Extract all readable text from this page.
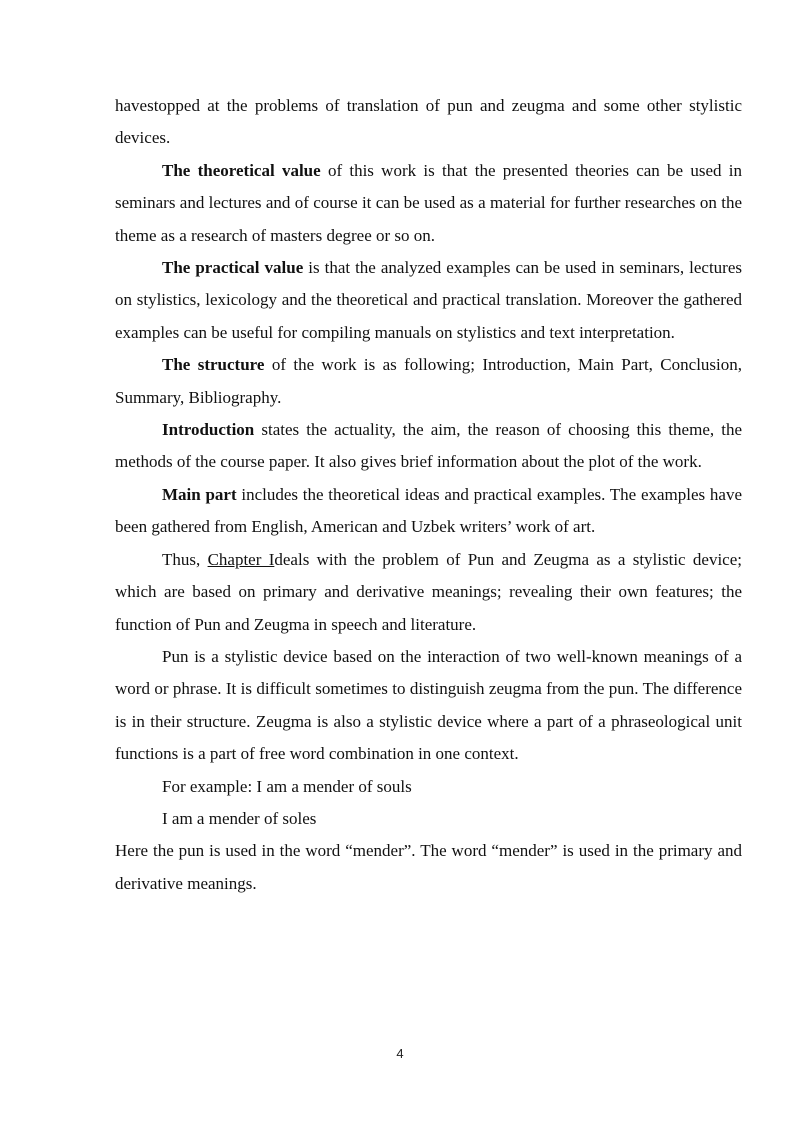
havestopped at the problems of translation of pun and zeugma and some other stylistic devices.

The theoretical value of this work is that the presented theories can be used in seminars and lectures and of course it can be used as a material for further researches on the theme as a research of masters degree or so on.

The practical value is that the analyzed examples can be used in seminars, lectures on stylistics, lexicology and the theoretical and practical translation. Moreover the gathered examples can be useful for compiling manuals on stylistics and text interpretation.

The structure of the work is as following; Introduction, Main Part, Conclusion, Summary, Bibliography.

Introduction states the actuality, the aim, the reason of choosing this theme, the methods of the course paper. It also gives brief information about the plot of the work.

Main part includes the theoretical ideas and practical examples. The examples have been gathered from English, American and Uzbek writers’ work of art.

Thus, Chapter Ideals with the problem of Pun and Zeugma as a stylistic device; which are based on primary and derivative meanings; revealing their own features; the function of Pun and Zeugma in speech and literature.

Pun is a stylistic device based on the interaction of two well-known meanings of a word or phrase. It is difficult sometimes to distinguish zeugma from the pun. The difference is in their structure. Zeugma is also a stylistic device where a part of a phraseological unit functions is a part of free word combination in one context.

For example: I am a mender of souls

I am a mender of soles

Here the pun is used in the word “mender”. The word “mender” is used in the primary and derivative meanings.

4
